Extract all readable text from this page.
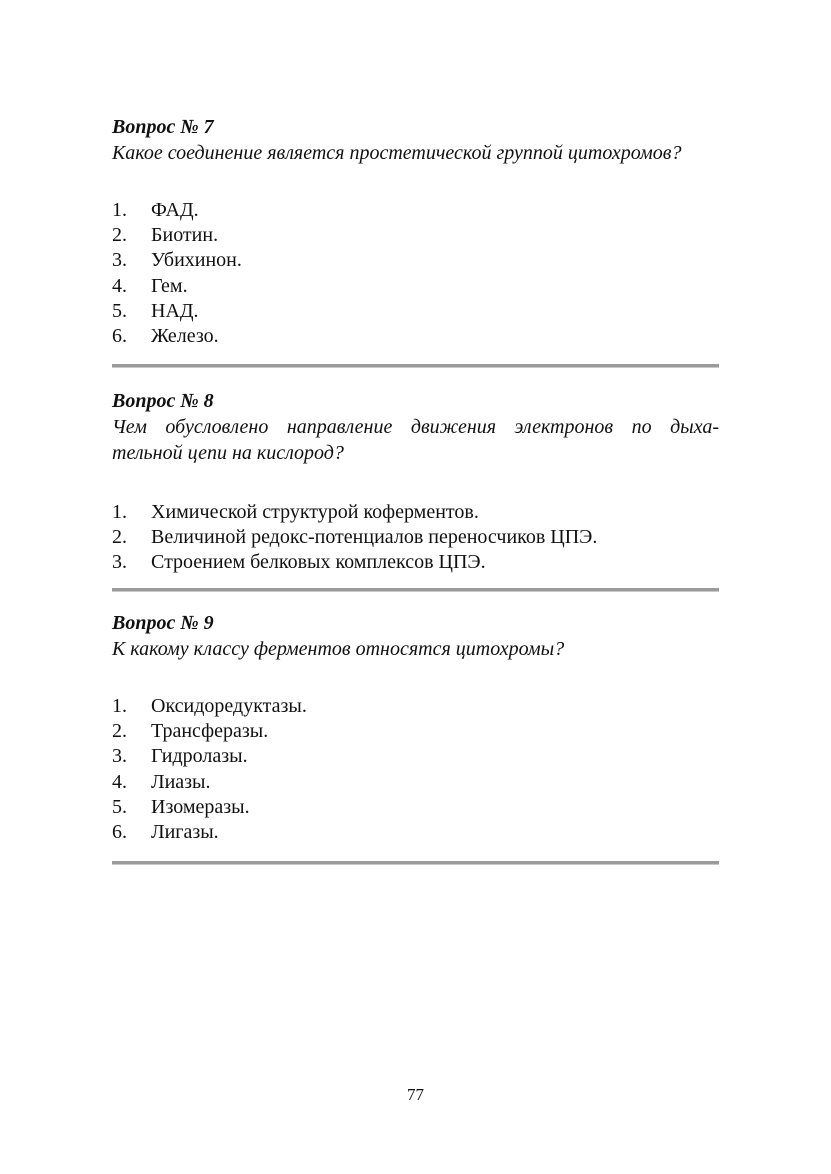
Вопрос № 7

Какое соединение является простетической группой цитохромов?

1.	ФАД.
2.	Биотин.
3.	Убихинон.
4.	Гем.
5.	НАД.
6.	Железо.

Вопрос № 8

Чем обусловлено направление движения электронов по дыха-
тельной цепи на кислород?

1.	Химической структурой коферментов.
2.	Величиной редокс-потенциалов переносчиков ЦПЭ.
3.	Строением белковых комплексов ЦПЭ.

Вопрос № 9

К какому классу ферментов относятся цитохромы?

1.	Оксидоредуктазы.
2.	Трансферазы.
3.	Гидролазы.
4.	Лиазы.
5.	Изомеразы.
6.	Лигазы.
77
